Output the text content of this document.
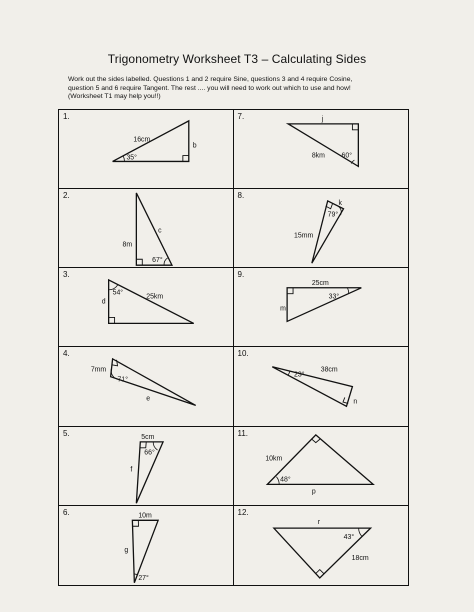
Trigonometry Worksheet T3 – Calculating Sides
Work out the sides labelled. Questions 1 and 2 require Sine, questions 3 and 4 require Cosine,
question 5 and 6 require Tangent. The rest .... you will need to work out which to use and how!
(Worksheet T1 may help you!!)
1.
16cm
35°
b
7.	j
8km 60°
2.
8m
c
67°
8.
k
79°
15mm
3.
54°
25km
d
9.
25cm
33°
m
4.
7mm
71°
e
10.
23°
38cm
n
5.	5cm
66°
f
11.
10km
48°
p
6.	10m
g
27°
12.
r
43°
18cm
